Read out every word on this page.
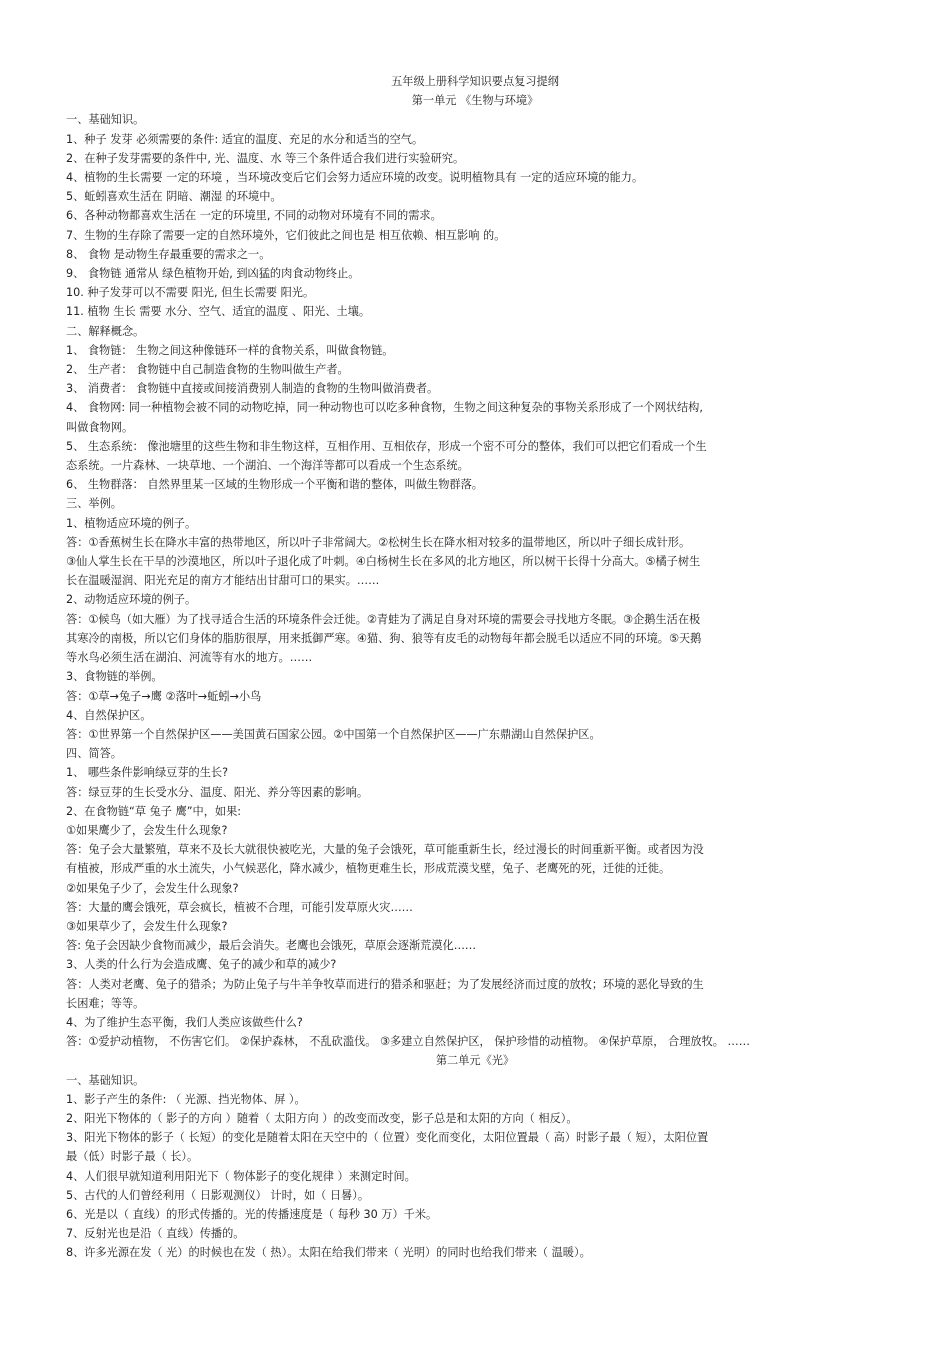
五年级上册科学知识要点复习提纲

第一单元 《生物与环境》

一、基础知识。

1、种子 发芽 必须需要的条件: 适宜的温度、充足的水分和适当的空气。

2、在种子发芽需要的条件中, 光、温度、水 等三个条件适合我们进行实验研究。

4、植物的生长需要 一定的环境 ，当环境改变后它们会努力适应环境的改变。说明植物具有 一定的适应环境的能力。

5、蚯蚓喜欢生活在 阴暗、潮湿 的环境中。

6、各种动物都喜欢生活在 一定的环境里, 不同的动物对环境有不同的需求。

7、生物的生存除了需要一定的自然环境外，它们彼此之间也是 相互依赖、相互影响 的。

8、 食物 是动物生存最重要的需求之一。

9、 食物链 通常从 绿色植物开始, 到凶猛的肉食动物终止。

10. 种子发芽可以不需要 阳光, 但生长需要 阳光。

11. 植物 生长 需要 水分、空气、适宜的温度 、阳光、土壤。

二、解释概念。

1、 食物链： 生物之间这种像链环一样的食物关系，叫做食物链。

2、 生产者： 食物链中自己制造食物的生物叫做生产者。

3、 消费者： 食物链中直接或间接消费别人制造的食物的生物叫做消费者。

4、 食物网: 同一种植物会被不同的动物吃掉，同一种动物也可以吃多种食物，生物之间这种复杂的事物关系形成了一个网状结构,

叫做食物网。

5、 生态系统： 像池塘里的这些生物和非生物这样，互相作用、互相依存，形成一个密不可分的整体，我们可以把它们看成一个生

态系统。一片森林、一块草地、一个湖泊、一个海洋等都可以看成一个生态系统。

6、 生物群落： 自然界里某一区域的生物形成一个平衡和谐的整体，叫做生物群落。

三、举例。

1、植物适应环境的例子。

答：①香蕉树生长在降水丰富的热带地区，所以叶子非常阔大。②松树生长在降水相对较多的温带地区，所以叶子细长成针形。

③仙人掌生长在干旱的沙漠地区，所以叶子退化成了叶刺。④白杨树生长在多风的北方地区，所以树干长得十分高大。⑤橘子树生

长在温暖湿润、阳光充足的南方才能结出甘甜可口的果实。……

2、动物适应环境的例子。

答：①候鸟（如大雁）为了找寻适合生活的环境条件会迁徙。②青蛙为了满足自身对环境的需要会寻找地方冬眠。③企鹅生活在极

其寒冷的南极，所以它们身体的脂肪很厚，用来抵御严寒。④猫、狗、狼等有皮毛的动物每年都会脱毛以适应不同的环境。⑤天鹅

等水鸟必须生活在湖泊、河流等有水的地方。……

3、食物链的举例。

答：①草→兔子→鹰 ②落叶→蚯蚓→小鸟

4、自然保护区。

答：①世界第一个自然保护区——美国黄石国家公园。②中国第一个自然保护区——广东鼎湖山自然保护区。

四、简答。

1、 哪些条件影响绿豆芽的生长?

答：绿豆芽的生长受水分、温度、阳光、养分等因素的影响。

2、在食物链“草 兔子 鹰”中，如果:

①如果鹰少了，会发生什么现象?

答：兔子会大量繁殖，草来不及长大就很快被吃光，大量的兔子会饿死，草可能重新生长，经过漫长的时间重新平衡。或者因为没

有植被，形成严重的水土流失，小气候恶化，降水减少，植物更难生长，形成荒漠戈壁，兔子、老鹰死的死，迁徙的迁徙。

②如果兔子少了，会发生什么现象?

答：大量的鹰会饿死，草会疯长，植被不合理，可能引发草原火灾……

③如果草少了，会发生什么现象?

答: 兔子会因缺少食物而减少，最后会消失。老鹰也会饿死，草原会逐渐荒漠化……

3、人类的什么行为会造成鹰、兔子的减少和草的减少?

答：人类对老鹰、兔子的猎杀；为防止兔子与牛羊争牧草而进行的猎杀和驱赶；为了发展经济而过度的放牧；环境的恶化导致的生

长困难；等等。

4、为了维护生态平衡，我们人类应该做些什么?

答：①爱护动植物， 不伤害它们。 ②保护森林， 不乱砍滥伐。 ③多建立自然保护区， 保护珍惜的动植物。 ④保护草原， 合理放牧。 ……

第二单元《光》

一、基础知识。

1、影子产生的条件: （ 光源、挡光物体、屏 ）。

2、阳光下物体的（ 影子的方向 ）随着（ 太阳方向 ）的改变而改变，影子总是和太阳的方向（ 相反）。

3、阳光下物体的影子（ 长短）的变化是随着太阳在天空中的（ 位置）变化而变化，太阳位置最（ 高）时影子最（ 短），太阳位置

最（低）时影子最（ 长）。

4、人们很早就知道利用阳光下（ 物体影子的变化规律 ）来测定时间。

5、古代的人们曾经利用（ 日影观测仪） 计时，如（ 日晷）。

6、光是以（ 直线）的形式传播的。光的传播速度是（ 每秒 30 万）千米。

7、反射光也是沿（ 直线）传播的。

8、许多光源在发（ 光）的时候也在发（ 热）。太阳在给我们带来（ 光明）的同时也给我们带来（ 温暖）。
